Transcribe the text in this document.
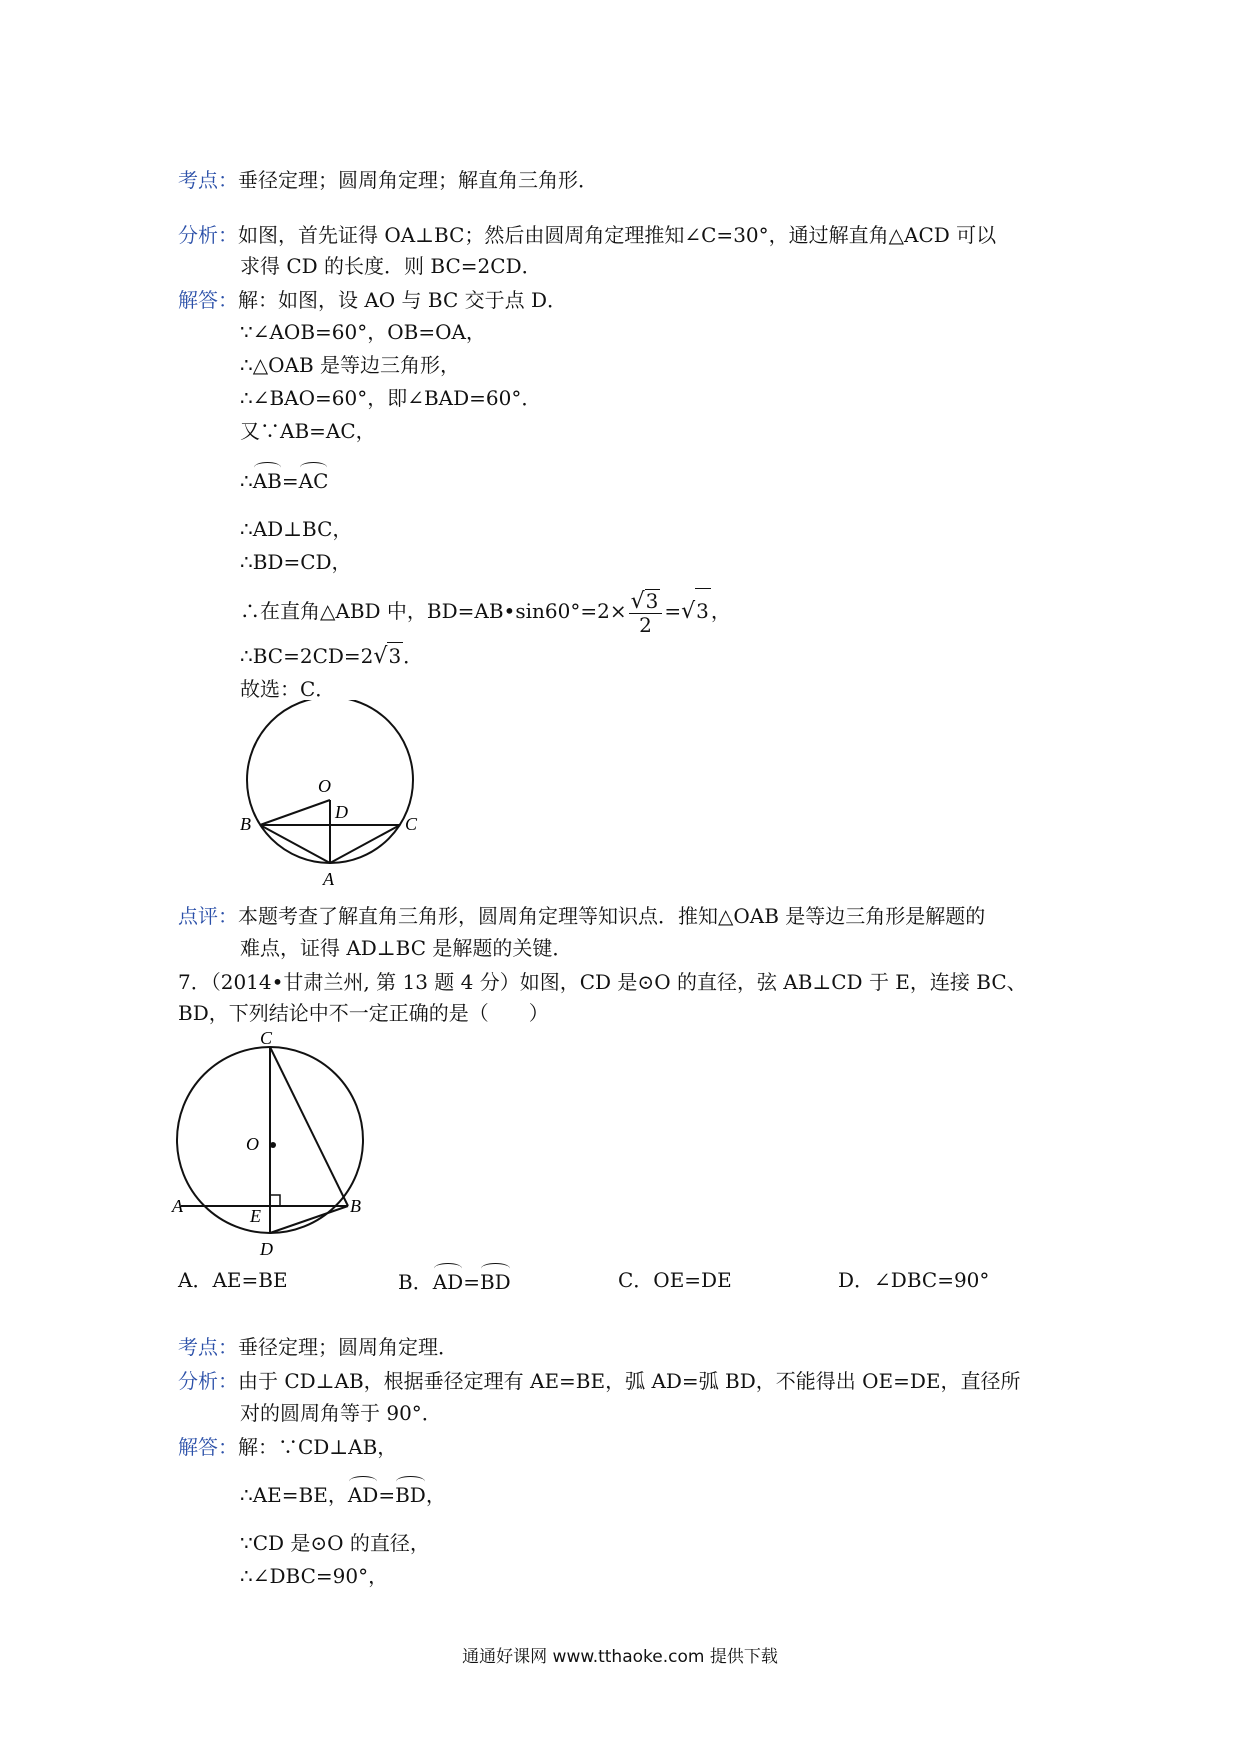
考点：垂径定理；圆周角定理；解直角三角形．
分析：如图，首先证得 OA⊥BC；然后由圆周角定理推知∠C=30°，通过解直角△ACD 可以
求得 CD 的长度．则 BC=2CD．
解答：解：如图，设 AO 与 BC 交于点 D．
∵∠AOB=60°，OB=OA，
∴△OAB 是等边三角形，
∴∠BAO=60°，即∠BAD=60°．
又∵AB=AC，
∴AB=AC
∴AD⊥BC，
∴BD=CD，
∴在直角△ABD 中，BD=AB•sin60°=2× $\frac{√3}{2} =√3$ ，
∴BC=2CD=2√3 ．
故选：C．
O
D
B	C
A
点评：本题考查了解直角三角形，圆周角定理等知识点．推知△OAB 是等边三角形是解题的
难点，证得 AD⊥BC 是解题的关键．
7．（2014•甘肃兰州, 第 13 题 4 分）如图，CD 是⊙O 的直径，弦 AB⊥CD 于 E，连接 BC、
BD，下列结论中不一定正确的是（　　）
C
O
A	E	B
D
A．AE=BE	B．AD=BD	C．OE=DE	D．∠DBC=90°
考点：垂径定理；圆周角定理．
分析：由于 CD⊥AB，根据垂径定理有 AE=BE，弧 AD=弧 BD，不能得出 OE=DE，直径所
对的圆周角等于 90°．
解答：解：∵CD⊥AB，
∴AE=BE，AD=BD，
∵CD 是⊙O 的直径，
∴∠DBC=90°，
通通好课网 www.tthaoke.com 提供下载
